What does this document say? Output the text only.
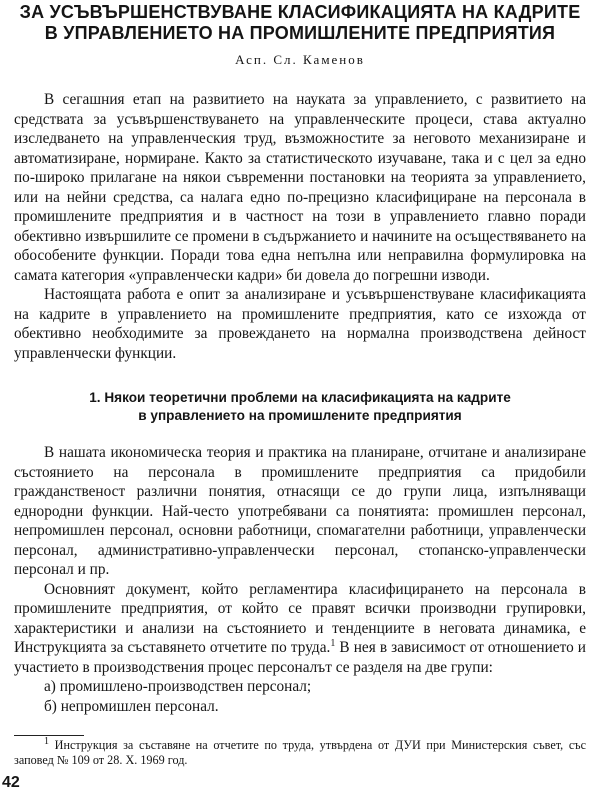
ЗА УСЪВЪРШЕНСТВУВАНЕ КЛАСИФИКАЦИЯТА НА КАДРИТЕ
В УПРАВЛЕНИЕТО НА ПРОМИШЛЕНИТЕ ПРЕДПРИЯТИЯ
Асп. Сл. Каменов

В сегашния етап на развитието на науката за управлението, с развитието на средствата за усъвършенствуването на управленческите процеси, става актуално изследването на управленческия труд, възможностите за неговото механизиране и автоматизиране, нормиране. Както за статистическото изучаване, така и с цел за едно по-широко прилагане на някои съвременни постановки на теорията за управлението, или на нейни средства, са налага едно по-прецизно класифициране на персонала в промишлените предприятия и в частност на този в управлението главно поради обективно извършилите се промени в съдържанието и начините на осъществяването на обособените функции. Поради това една непълна или неправилна формулировка на самата категория «управленчески кадри» би довела до погрешни изводи.

Настоящата работа е опит за анализиране и усъвършенствуване класификацията на кадрите в управлението на промишлените предприятия, като се изхожда от обективно необходимите за провеждането на нормална производствена дейност управленчески функции.

1. Някои теоретични проблеми на класификацията на кадрите
в управлението на промишлените предприятия

В нашата икономическа теория и практика на планиране, отчитане и анализиране състоянието на персонала в промишлените предприятия са придобили гражданственост различни понятия, отнасящи се до групи лица, изпълняващи еднородни функции. Най-често употребявани са понятията: промишлен персонал, непромишлен персонал, основни работници, спомагателни работници, управленчески персонал, административно-управленчески персонал, стопанско-управленчески персонал и пр.

Основният документ, който регламентира класифицирането на персонала в промишлените предприятия, от който се правят всички производни групировки, характеристики и анализи на състоянието и тенденциите в неговата динамика, е Инструкцията за съставянето отчетите по труда.$^1$ В нея в зависимост от отношението и участието в производствения процес персоналът се разделя на две групи:

а) промишлено-производствен персонал;

б) непромишлен персонал.

$^1$ Инструкция за съставяне на отчетите по труда, утвърдена от ДУИ при Министерския съвет, със заповед № 109 от 28. X. 1969 год.

42
